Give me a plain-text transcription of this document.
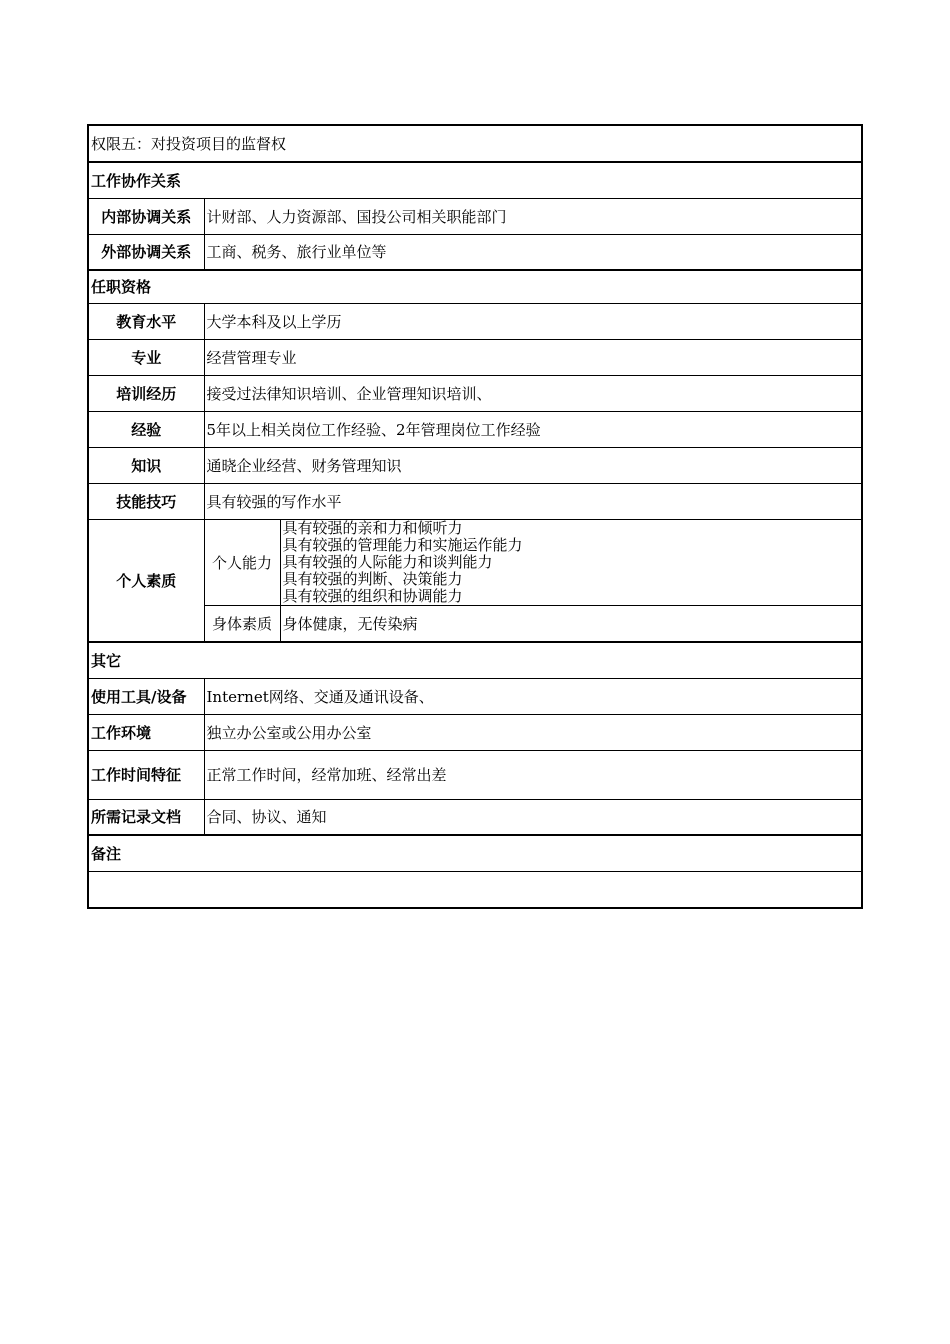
权限五：对投资项目的监督权		
工作协作关系		
内部协调关系	计财部、人力资源部、国投公司相关职能部门	
外部协调关系	工商、税务、旅行业单位等	
任职资格		
教育水平	大学本科及以上学历	
专业	经营管理专业	
培训经历	接受过法律知识培训、企业管理知识培训、	
经验	5年以上相关岗位工作经验、2年管理岗位工作经验	
知识	通晓企业经营、财务管理知识	
技能技巧	具有较强的写作水平	
个人素质	个人能力	具有较强的亲和力和倾听力
具有较强的管理能力和实施运作能力
具有较强的人际能力和谈判能力
具有较强的判断、决策能力
具有较强的组织和协调能力

	身体素质	身体健康，无传染病
其它		
使用工具/设备	Internet网络、交通及通讯设备、	
工作环境	独立办公室或公用办公室	
工作时间特征	正常工作时间，经常加班、经常出差	
所需记录文档	合同、协议、通知	
备注		
